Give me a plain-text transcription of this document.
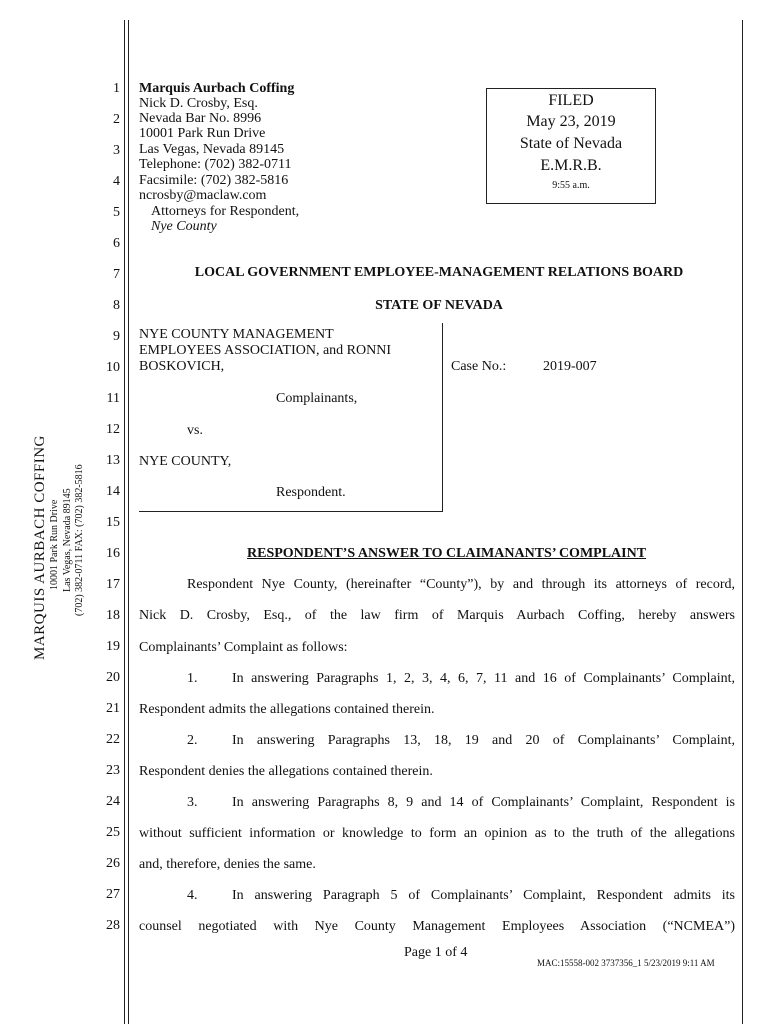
MARQUIS AURBACH COFFING 10001 Park Run Drive Las Vegas, Nevada 89145 (702) 382-0711 FAX: (702) 382-5816
1
2
3
4
5
6
7
8
9
10
11
12
13
14
15
16
17
18
19
20
21
22
23
24
25
26
27
28
Marquis Aurbach Coffing
Nick D. Crosby, Esq.
Nevada Bar No. 8996
10001 Park Run Drive
Las Vegas, Nevada 89145
Telephone: (702) 382-0711
Facsimile: (702) 382-5816
ncrosby@maclaw.com
Attorneys for Respondent,
Nye County
FILED
May 23, 2019
State of Nevada
E.M.R.B.
9:55 a.m.
LOCAL GOVERNMENT EMPLOYEE-MANAGEMENT RELATIONS BOARD
STATE OF NEVADA
NYE COUNTY MANAGEMENT
EMPLOYEES ASSOCIATION, and RONNI
BOSKOVICH,
Complainants,
vs.
NYE COUNTY,
Respondent.
Case No.:	2019-007
RESPONDENT’S ANSWER TO CLAIMANANTS’ COMPLAINT
Respondent Nye County, (hereinafter “County”), by and through its attorneys of record,
Nick D. Crosby, Esq., of the law firm of Marquis Aurbach Coffing, hereby answers
Complainants’ Complaint as follows:
1. In answering Paragraphs 1, 2, 3, 4, 6, 7, 11 and 16 of Complainants’ Complaint,
Respondent admits the allegations contained therein.
2. In answering Paragraphs 13, 18, 19 and 20 of Complainants’ Complaint,
Respondent denies the allegations contained therein.
3. In answering Paragraphs 8, 9 and 14 of Complainants’ Complaint, Respondent is
without sufficient information or knowledge to form an opinion as to the truth of the allegations
and, therefore, denies the same.
4. In answering Paragraph 5 of Complainants’ Complaint, Respondent admits its
counsel negotiated with Nye County Management Employees Association (“NCMEA”)
Page 1 of 4
MAC:15558-002 3737356_1 5/23/2019 9:11 AM
